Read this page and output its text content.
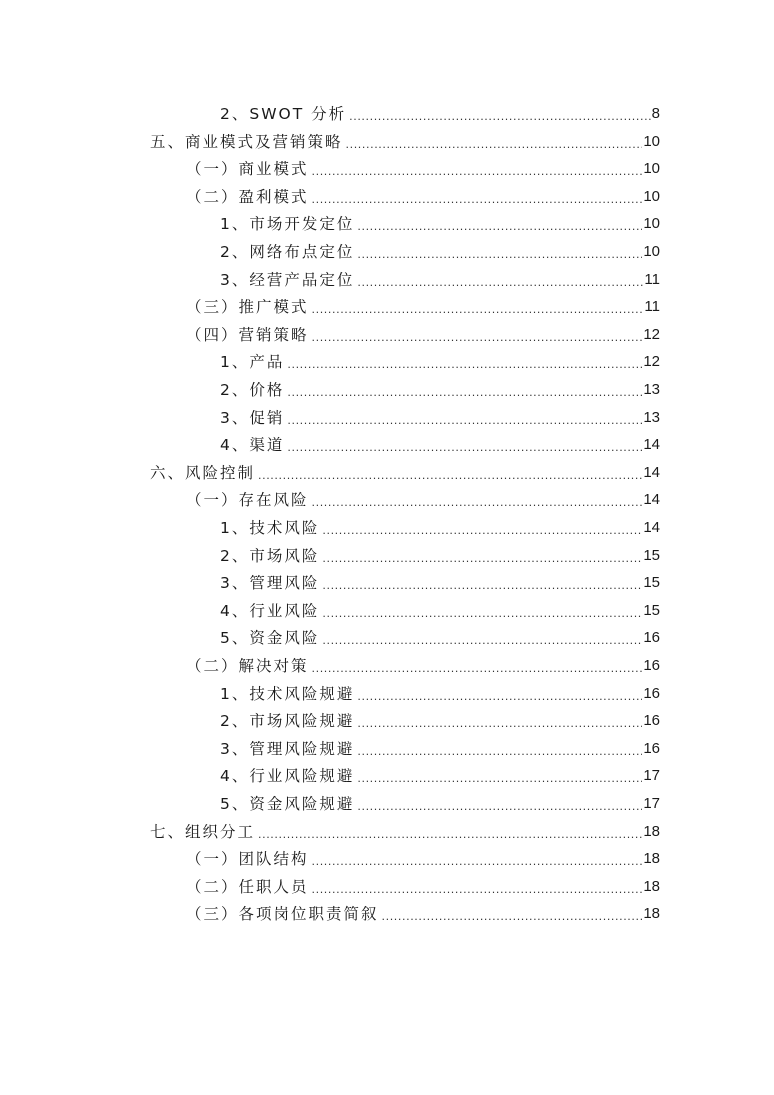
2、SWOT 分析 .....	8
五、商业模式及营销策略 .....	10
（一）商业模式 .....	10
（二）盈利模式 .....	10
1、市场开发定位 .....	10
2、网络布点定位 .....	10
3、经营产品定位 .....	11
（三）推广模式 .....	11
（四）营销策略 .....	12
1、产品 .....	12
2、价格 .....	13
3、促销 .....	13
4、渠道 .....	14
六、风险控制 .....	14
（一）存在风险 .....	14
1、技术风险 .....	14
2、市场风险 .....	15
3、管理风险 .....	15
4、行业风险 .....	15
5、资金风险 .....	16
（二）解决对策 .....	16
1、技术风险规避 .....	16
2、市场风险规避 .....	16
3、管理风险规避 .....	16
4、行业风险规避 .....	17
5、资金风险规避 .....	17
七、组织分工 .....	18
（一）团队结构 .....	18
（二）任职人员 .....	18
（三）各项岗位职责简叙 .....	18
